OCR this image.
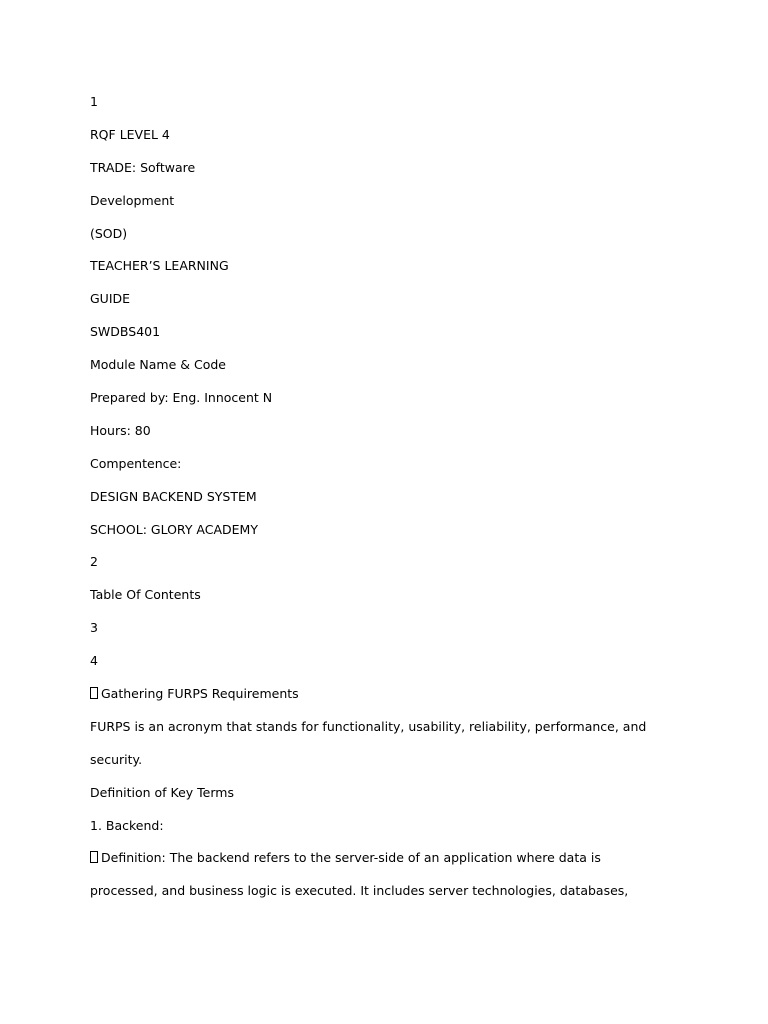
1
RQF LEVEL 4
TRADE: Software
Development
(SOD)
TEACHER’S LEARNING
GUIDE
SWDBS401
Module Name & Code
Prepared by: Eng. Innocent N
Hours: 80
Compentence:
DESIGN BACKEND SYSTEM
SCHOOL: GLORY ACADEMY
2
Table Of Contents
3
4
Gathering FURPS Requirements
FURPS is an acronym that stands for functionality, usability, reliability, performance, and
security.
Definition of Key Terms
1. Backend:
Definition: The backend refers to the server-side of an application where data is
processed, and business logic is executed. It includes server technologies, databases,
